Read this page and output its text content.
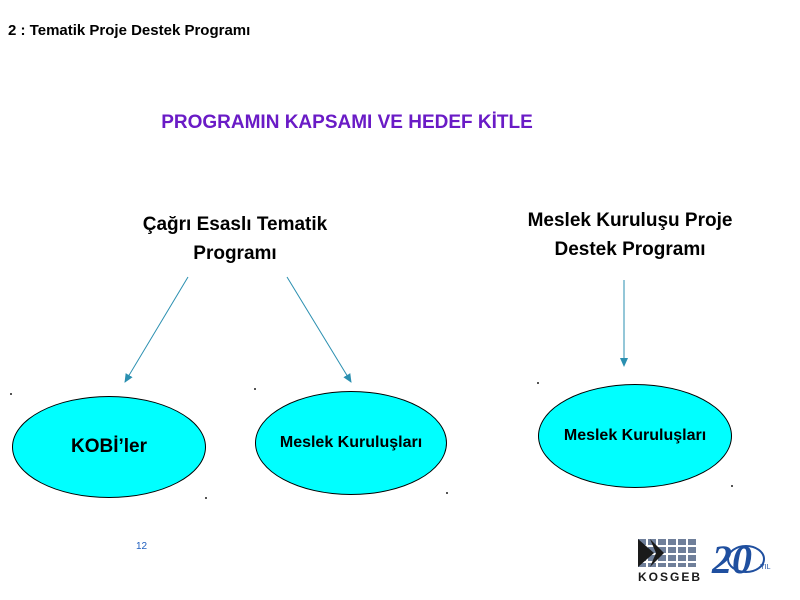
2 : Tematik Proje Destek Programı
PROGRAMIN KAPSAMI VE HEDEF KİTLE
Çağrı Esaslı Tematik
Programı
Meslek Kuruluşu Proje
Destek Programı
KOBİ’ler	Meslek Kuruluşları	Meslek Kuruluşları
12
KOSGEB 20 YIL
